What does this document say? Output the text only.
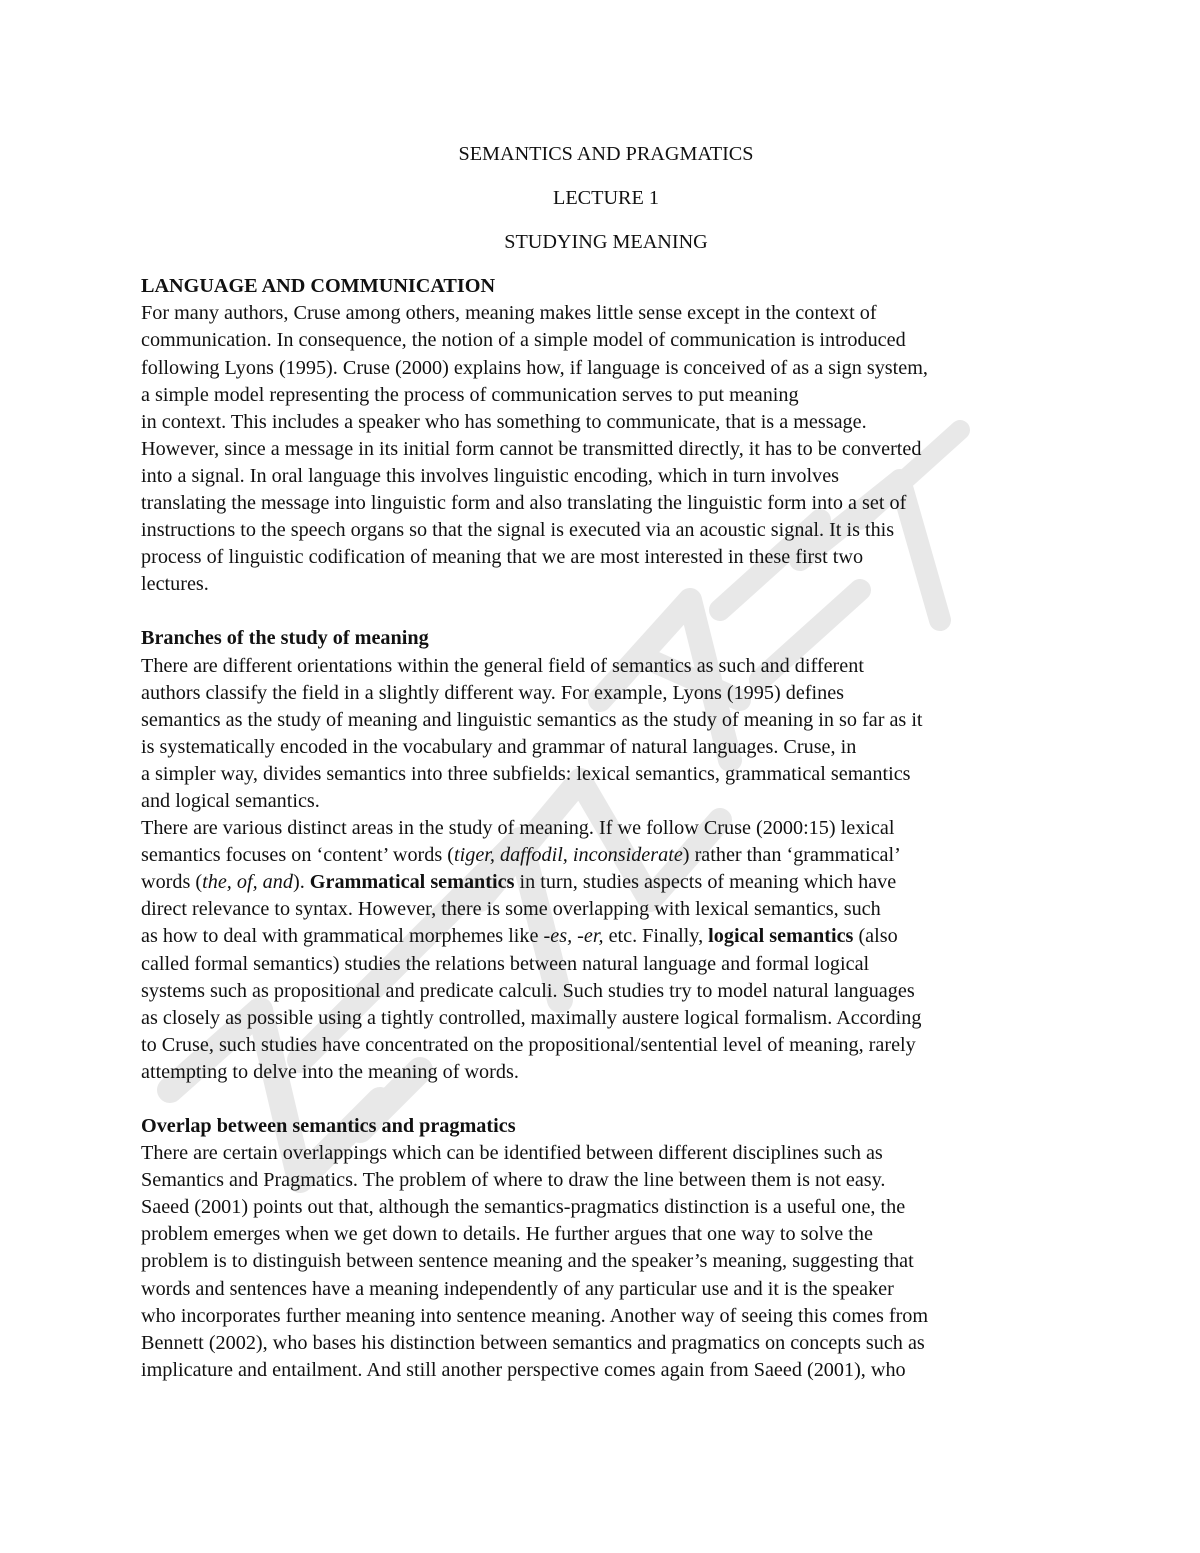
SEMANTICS AND PRAGMATICS

LECTURE 1

STUDYING MEANING

LANGUAGE AND COMMUNICATION

For many authors, Cruse among others, meaning makes little sense except in the context of
communication. In consequence, the notion of a simple model of communication is introduced
following Lyons (1995). Cruse (2000) explains how, if language is conceived of as a sign system,
a simple model representing the process of communication serves to put meaning
in context. This includes a speaker who has something to communicate, that is a message.
However, since a message in its initial form cannot be transmitted directly, it has to be converted
into a signal. In oral language this involves linguistic encoding, which in turn involves
translating the message into linguistic form and also translating the linguistic form into a set of
instructions to the speech organs so that the signal is executed via an acoustic signal. It is this
process of linguistic codification of meaning that we are most interested in these first two
lectures.

Branches of the study of meaning

There are different orientations within the general field of semantics as such and different
authors classify the field in a slightly different way. For example, Lyons (1995) defines
semantics as the study of meaning and linguistic semantics as the study of meaning in so far as it
is systematically encoded in the vocabulary and grammar of natural languages. Cruse, in
a simpler way, divides semantics into three subfields: lexical semantics, grammatical semantics
and logical semantics.
There are various distinct areas in the study of meaning. If we follow Cruse (2000:15) lexical
semantics focuses on ‘content’ words (tiger, daffodil, inconsiderate) rather than ‘grammatical’
words (the, of, and). Grammatical semantics in turn, studies aspects of meaning which have
direct relevance to syntax. However, there is some overlapping with lexical semantics, such
as how to deal with grammatical morphemes like -es, -er, etc. Finally, logical semantics (also
called formal semantics) studies the relations between natural language and formal logical
systems such as propositional and predicate calculi. Such studies try to model natural languages
as closely as possible using a tightly controlled, maximally austere logical formalism. According
to Cruse, such studies have concentrated on the propositional/sentential level of meaning, rarely
attempting to delve into the meaning of words.

Overlap between semantics and pragmatics

There are certain overlappings which can be identified between different disciplines such as
Semantics and Pragmatics. The problem of where to draw the line between them is not easy.
Saeed (2001) points out that, although the semantics-pragmatics distinction is a useful one, the
problem emerges when we get down to details. He further argues that one way to solve the
problem is to distinguish between sentence meaning and the speaker’s meaning, suggesting that
words and sentences have a meaning independently of any particular use and it is the speaker
who incorporates further meaning into sentence meaning. Another way of seeing this comes from
Bennett (2002), who bases his distinction between semantics and pragmatics on concepts such as
implicature and entailment. And still another perspective comes again from Saeed (2001), who
